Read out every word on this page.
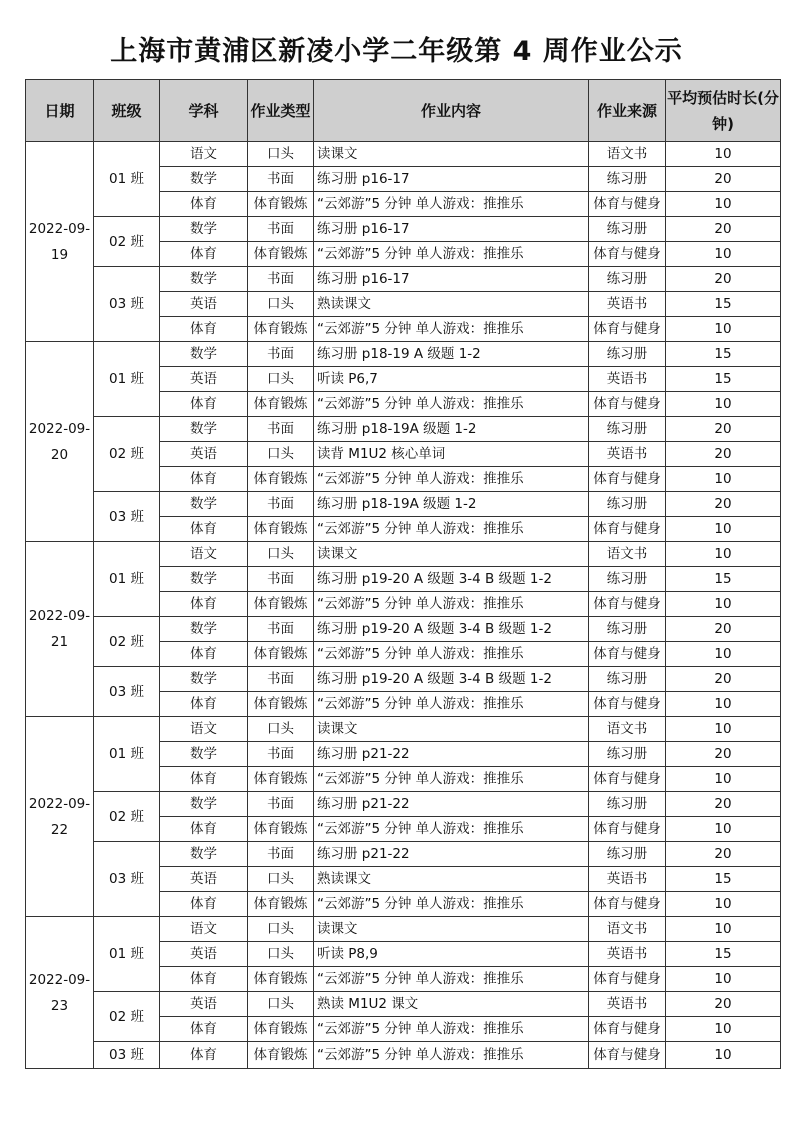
上海市黄浦区新凌小学二年级第 4 周作业公示
日期	班级	学科	作业类型	作业内容	作业来源	平均预估时长(分钟)
2022-09-19	01 班	语文	口头	读课文	语文书	10
		数学	书面	练习册 p16-17	练习册	20
		体育	体育锻炼	“云郊游”5 分钟 单人游戏：推推乐	体育与健身	10
	02 班	数学	书面	练习册 p16-17	练习册	20
		体育	体育锻炼	“云郊游”5 分钟 单人游戏：推推乐	体育与健身	10
	03 班	数学	书面	练习册 p16-17	练习册	20
		英语	口头	熟读课文	英语书	15
		体育	体育锻炼	“云郊游”5 分钟 单人游戏：推推乐	体育与健身	10
2022-09-20	01 班	数学	书面	练习册 p18-19 A 级题 1-2	练习册	15
		英语	口头	听读 P6,7	英语书	15
		体育	体育锻炼	“云郊游”5 分钟 单人游戏：推推乐	体育与健身	10
	02 班	数学	书面	练习册 p18-19A 级题 1-2	练习册	20
		英语	口头	读背 M1U2 核心单词	英语书	20
		体育	体育锻炼	“云郊游”5 分钟 单人游戏：推推乐	体育与健身	10
	03 班	数学	书面	练习册 p18-19A 级题 1-2	练习册	20
		体育	体育锻炼	“云郊游”5 分钟 单人游戏：推推乐	体育与健身	10
2022-09-21	01 班	语文	口头	读课文	语文书	10
		数学	书面	练习册 p19-20 A 级题 3-4 B 级题 1-2	练习册	15
		体育	体育锻炼	“云郊游”5 分钟 单人游戏：推推乐	体育与健身	10
	02 班	数学	书面	练习册 p19-20 A 级题 3-4 B 级题 1-2	练习册	20
		体育	体育锻炼	“云郊游”5 分钟 单人游戏：推推乐	体育与健身	10
	03 班	数学	书面	练习册 p19-20 A 级题 3-4 B 级题 1-2	练习册	20
		体育	体育锻炼	“云郊游”5 分钟 单人游戏：推推乐	体育与健身	10
2022-09-22	01 班	语文	口头	读课文	语文书	10
		数学	书面	练习册 p21-22	练习册	20
		体育	体育锻炼	“云郊游”5 分钟 单人游戏：推推乐	体育与健身	10
	02 班	数学	书面	练习册 p21-22	练习册	20
		体育	体育锻炼	“云郊游”5 分钟 单人游戏：推推乐	体育与健身	10
	03 班	数学	书面	练习册 p21-22	练习册	20
		英语	口头	熟读课文	英语书	15
		体育	体育锻炼	“云郊游”5 分钟 单人游戏：推推乐	体育与健身	10
2022-09-23	01 班	语文	口头	读课文	语文书	10
		英语	口头	听读 P8,9	英语书	15
		体育	体育锻炼	“云郊游”5 分钟 单人游戏：推推乐	体育与健身	10
	02 班	英语	口头	熟读 M1U2 课文	英语书	20
		体育	体育锻炼	“云郊游”5 分钟 单人游戏：推推乐	体育与健身	10
	03 班	体育	体育锻炼	“云郊游”5 分钟 单人游戏：推推乐	体育与健身	10
